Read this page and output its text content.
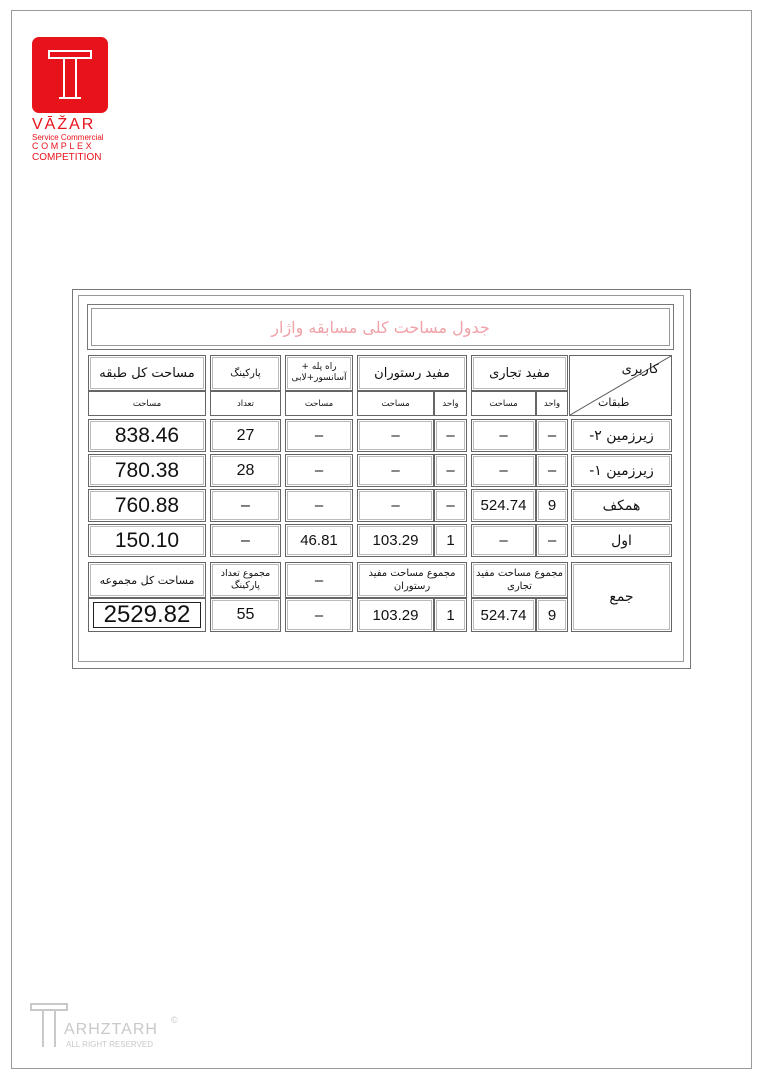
VĀŽAR
Service Commercial
COMPLEX
COMPETITION
جدول مساحت کلی مسابقه واژار
کاربری
طبقات
مفید تجاری
واحد
مساحت
مفید رستوران
واحد
مساحت
راه پله + آسانسور+لابی
مساحت
پارکینگ
تعداد
مساحت کل طبقه
مساحت
زیرزمین ۲-
–
–
–
–
–
27
838.46
زیرزمین ۱-
–
–
–
–
–
28
780.38
همکف
9
524.74
–
–
–
–
760.88
اول
–
–
1
103.29
46.81
–
150.10
جمع
مجموع مساحت مفید تجاری
مجموع مساحت مفید رستوران
–
مجموع تعداد پارکینگ
مساحت کل مجموعه
9
524.74
1
103.29
–
55
2529.82
ARHZTARH
ALL RIGHT RESERVED
©
